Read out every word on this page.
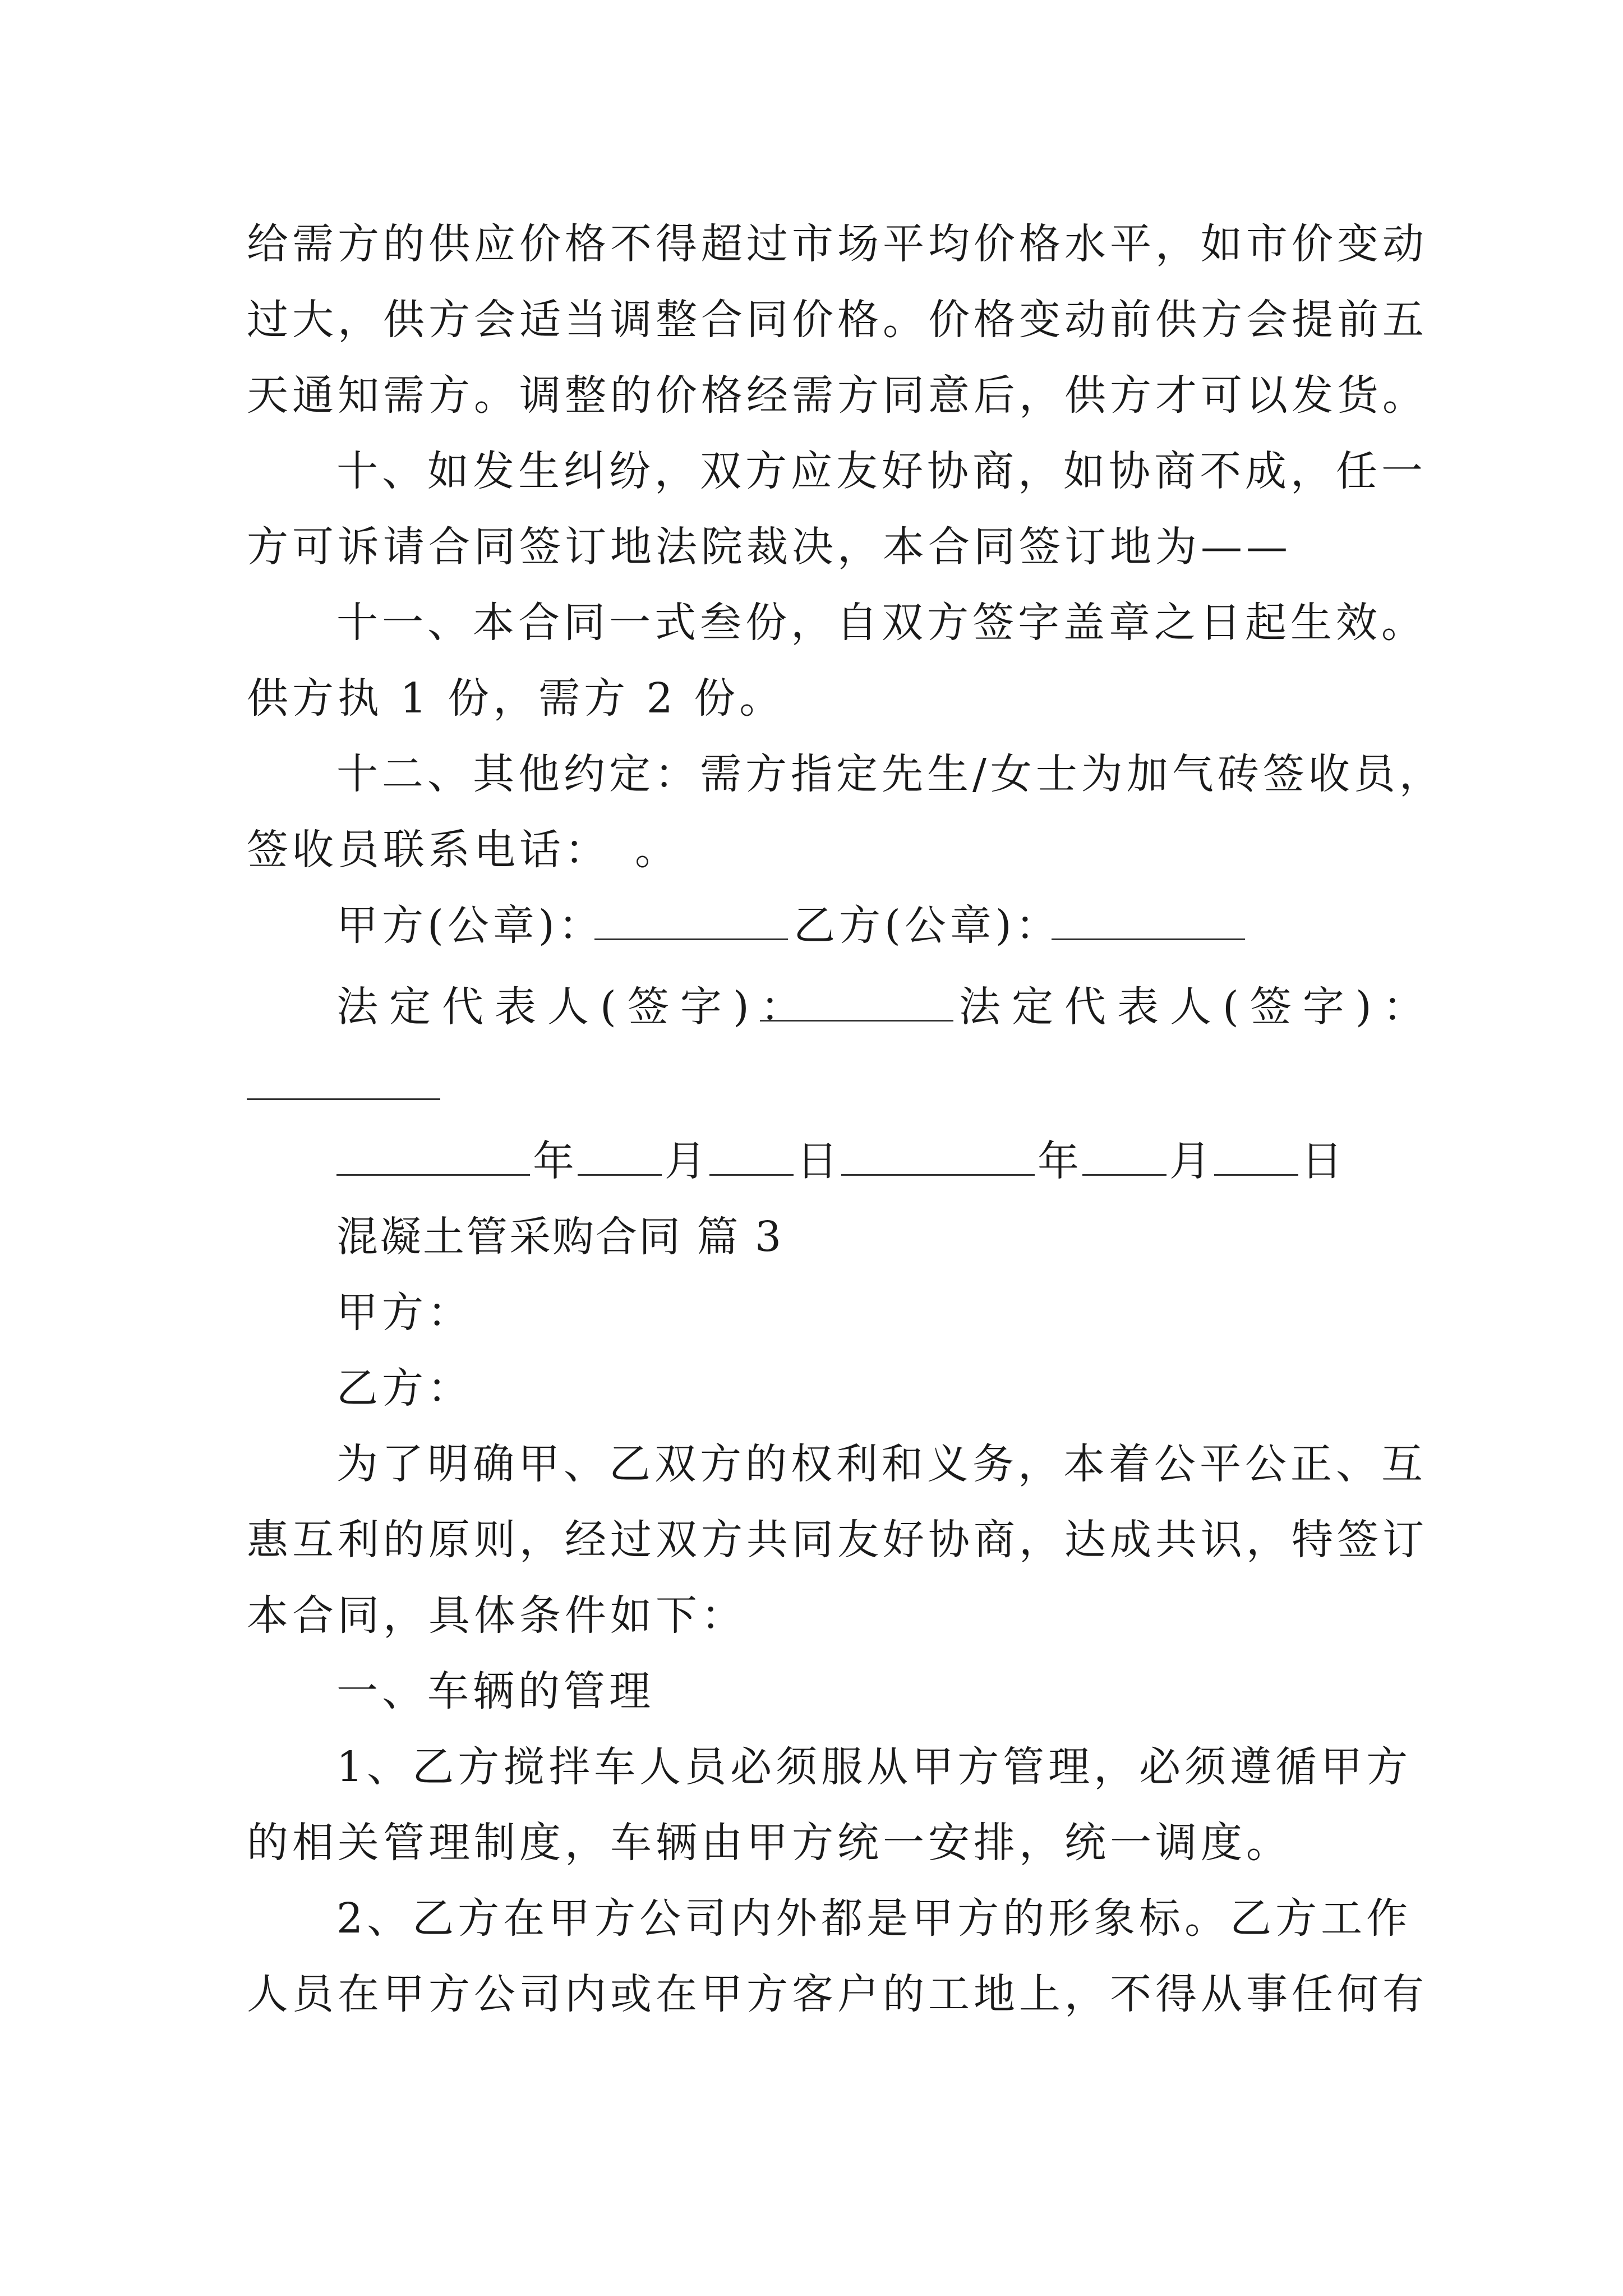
给需方的供应价格不得超过市场平均价格水平，如市价变动

过大，供方会适当调整合同价格。价格变动前供方会提前五

天通知需方。调整的价格经需方同意后，供方才可以发货。

十、如发生纠纷，双方应友好协商，如协商不成，任一

方可诉请合同签订地法院裁决，本合同签订地为——

十一、本合同一式叁份，自双方签字盖章之日起生效。

供方执 1 份，需方 2 份。

十二、其他约定：需方指定先生/女士为加气砖签收员，

签收员联系电话：　。

甲方(公章)：

	乙方(公章)：

法定代表人(签字)：

	法定代表人(签字)：

年

月

日

	年

月

日

混凝土管采购合同 篇 3

甲方：

乙方：

为了明确甲、乙双方的权利和义务，本着公平公正、互

惠互利的原则，经过双方共同友好协商，达成共识，特签订

本合同，具体条件如下：

一、车辆的管理

1、乙方搅拌车人员必须服从甲方管理，必须遵循甲方

的相关管理制度，车辆由甲方统一安排，统一调度。

2、乙方在甲方公司内外都是甲方的形象标。乙方工作

人员在甲方公司内或在甲方客户的工地上，不得从事任何有
